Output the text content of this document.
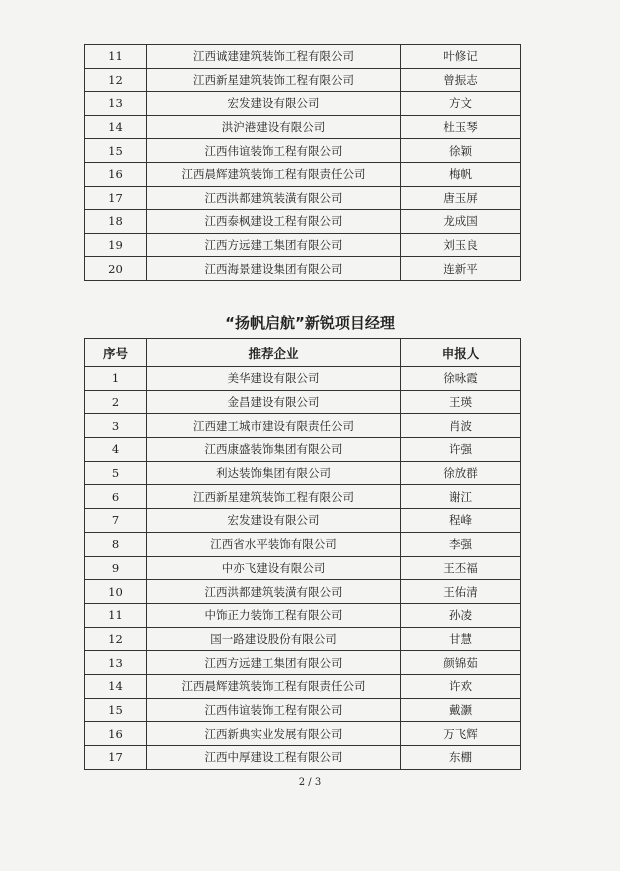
11	江西诚建建筑装饰工程有限公司	叶修记
12	江西新星建筑装饰工程有限公司	曾振志
13	宏发建设有限公司	方文
14	洪沪港建设有限公司	杜玉琴
15	江西伟谊装饰工程有限公司	徐颖
16	江西晨辉建筑装饰工程有限责任公司	梅帆
17	江西洪都建筑装潢有限公司	唐玉屏
18	江西泰枫建设工程有限公司	龙成国
19	江西方远建工集团有限公司	刘玉良
20	江西海景建设集团有限公司	连新平
“扬帆启航”新锐项目经理
序号	推荐企业	申报人
1	美华建设有限公司	徐咏霞
2	金昌建设有限公司	王瑛
3	江西建工城市建设有限责任公司	肖波
4	江西康盛装饰集团有限公司	许强
5	利达装饰集团有限公司	徐放群
6	江西新星建筑装饰工程有限公司	谢江
7	宏发建设有限公司	程峰
8	江西省水平装饰有限公司	李强
9	中亦飞建设有限公司	王丕福
10	江西洪都建筑装潢有限公司	王佑清
11	中饰正力装饰工程有限公司	孙凌
12	国一路建设股份有限公司	甘慧
13	江西方远建工集团有限公司	颜锦茹
14	江西晨辉建筑装饰工程有限责任公司	许欢
15	江西伟谊装饰工程有限公司	戴灏
16	江西新典实业发展有限公司	万飞辉
17	江西中厚建设工程有限公司	东棚
2 / 3
